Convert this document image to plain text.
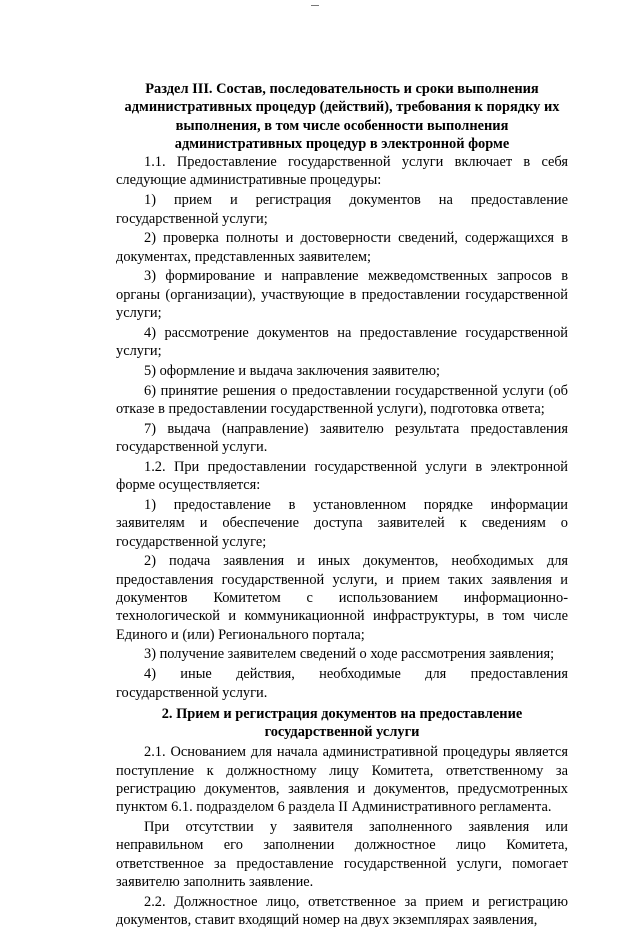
Раздел III. Состав, последовательность и сроки выполнения административных процедур (действий), требования к порядку их выполнения, в том числе особенности выполнения административных процедур в электронной форме

1.1. Предоставление государственной услуги включает в себя следующие административные процедуры:

1) прием и регистрация документов на предоставление государственной услуги;

2) проверка полноты и достоверности сведений, содержащихся в документах, представленных заявителем;

3) формирование и направление межведомственных запросов в органы (организации), участвующие в предоставлении государственной услуги;

4) рассмотрение документов на предоставление государственной услуги;

5) оформление и выдача заключения заявителю;

6) принятие решения о предоставлении государственной услуги (об отказе в предоставлении государственной услуги), подготовка ответа;

7) выдача (направление) заявителю результата предоставления государственной услуги.

1.2. При предоставлении государственной услуги в электронной форме осуществляется:

1) предоставление в установленном порядке информации заявителям и обеспечение доступа заявителей к сведениям о государственной услуге;

2) подача заявления и иных документов, необходимых для предоставления государственной услуги, и прием таких заявления и документов Комитетом с использованием информационно-технологической и коммуникационной инфраструктуры, в том числе Единого и (или) Регионального портала;

3) получение заявителем сведений о ходе рассмотрения заявления;

4) иные действия, необходимые для предоставления государственной услуги.

2. Прием и регистрация документов на предоставление государственной услуги

2.1. Основанием для начала административной процедуры является поступление к должностному лицу Комитета, ответственному за регистрацию документов, заявления и документов, предусмотренных пунктом 6.1. подразделом 6 раздела II Административного регламента.

При отсутствии у заявителя заполненного заявления или неправильном его заполнении должностное лицо Комитета, ответственное за предоставление государственной услуги, помогает заявителю заполнить заявление.

2.2. Должностное лицо, ответственное за прием и регистрацию документов, ставит входящий номер на двух экземплярах заявления,
